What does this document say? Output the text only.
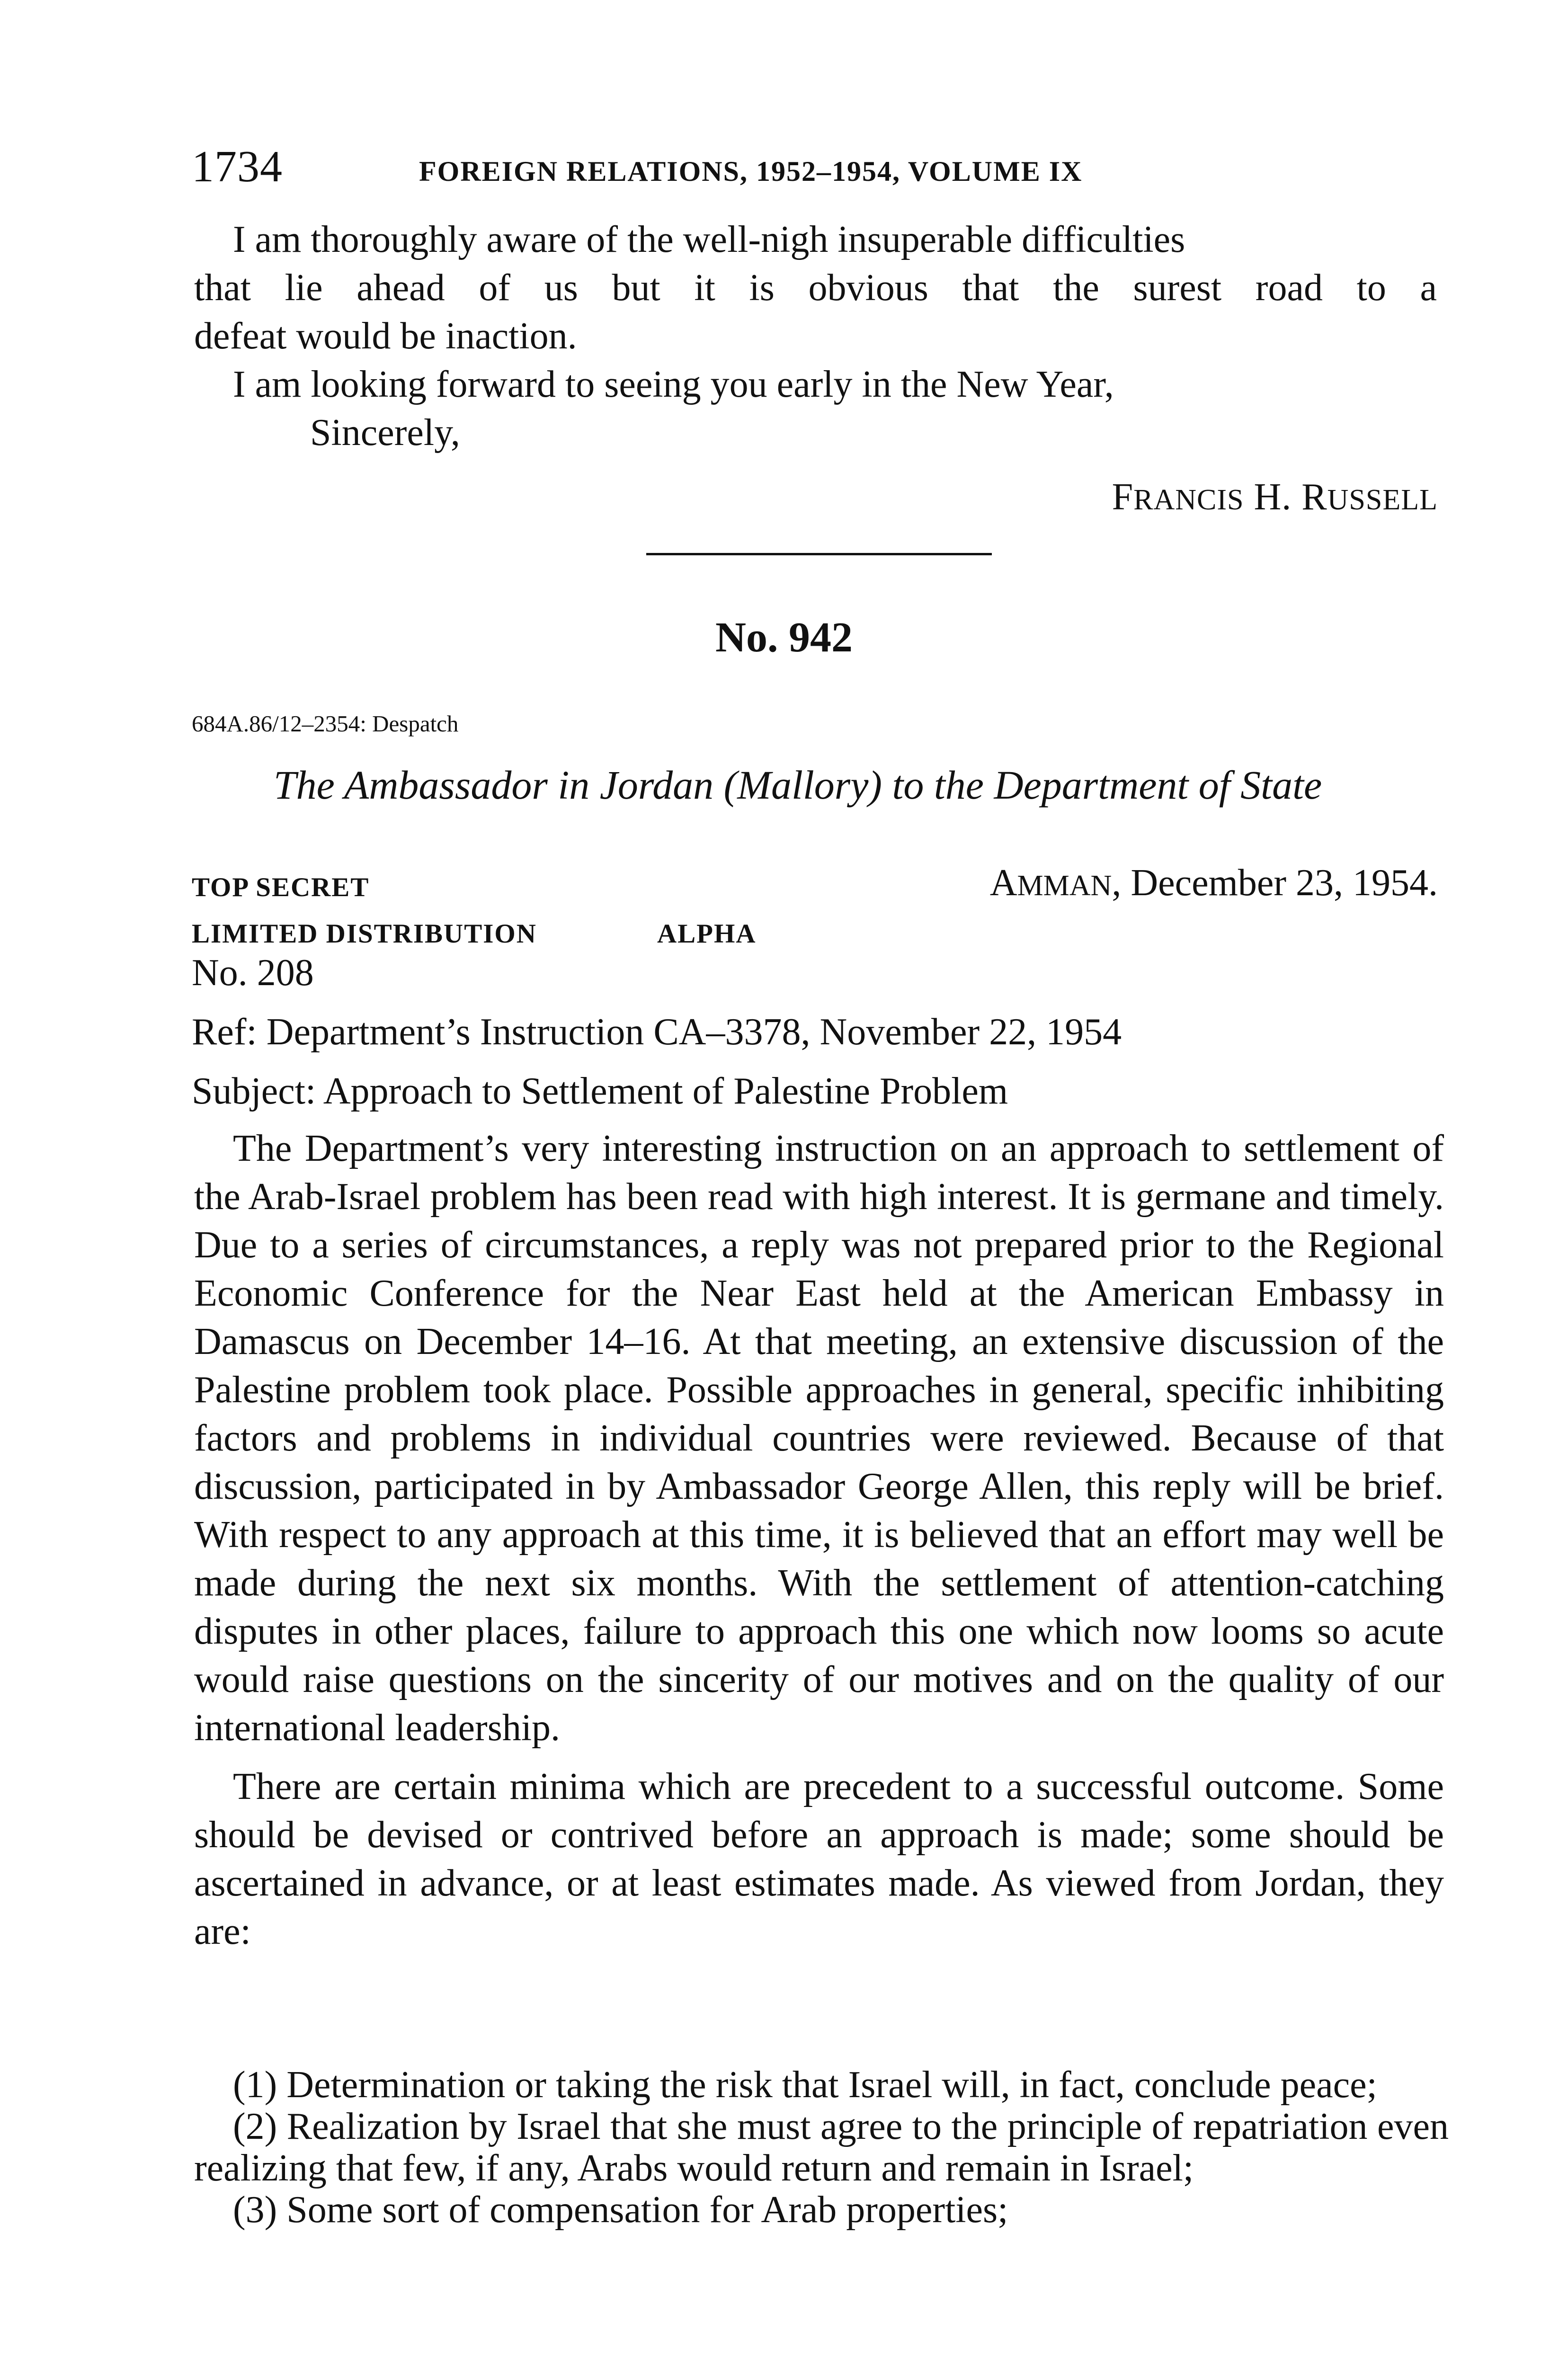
1734	FOREIGN RELATIONS, 1952–1954, VOLUME IX

I am thoroughly aware of the well-nigh insuperable difficulties

that lie ahead of us but it is obvious that the surest road to a
defeat would be inaction.

I am looking forward to seeing you early in the New Year,

Sincerely,

FRANCIS H. RUSSELL
No. 942
684A.86/12–2354: Despatch
The Ambassador in Jordan (Mallory) to the Department of State
TOP SECRET	AMMAN, December 23, 1954.
LIMITED DISTRIBUTION	ALPHA
No. 208
Ref: Department’s Instruction CA–3378, November 22, 1954
Subject: Approach to Settlement of Palestine Problem

The Department’s very interesting instruction on an approach to settlement of the Arab-Israel problem has been read with high interest. It is germane and timely. Due to a series of circumstances, a reply was not prepared prior to the Regional Economic Conference for the Near East held at the American Embassy in Damascus on December 14–16. At that meeting, an extensive discussion of the Palestine problem took place. Possible approaches in general, specific inhibiting factors and problems in individual countries were reviewed. Because of that discussion, participated in by Ambassador George Allen, this reply will be brief. With respect to any approach at this time, it is believed that an effort may well be made during the next six months. With the settlement of attention-catching disputes in other places, failure to approach this one which now looms so acute would raise questions on the sincerity of our motives and on the quality of our international leadership.

There are certain minima which are precedent to a successful outcome. Some should be devised or contrived before an approach is made; some should be ascertained in advance, or at least estimates made. As viewed from Jordan, they are:

(1) Determination or taking the risk that Israel will, in fact, conclude peace;

(2) Realization by Israel that she must agree to the principle of repatriation even realizing that few, if any, Arabs would return and remain in Israel;

(3) Some sort of compensation for Arab properties;
